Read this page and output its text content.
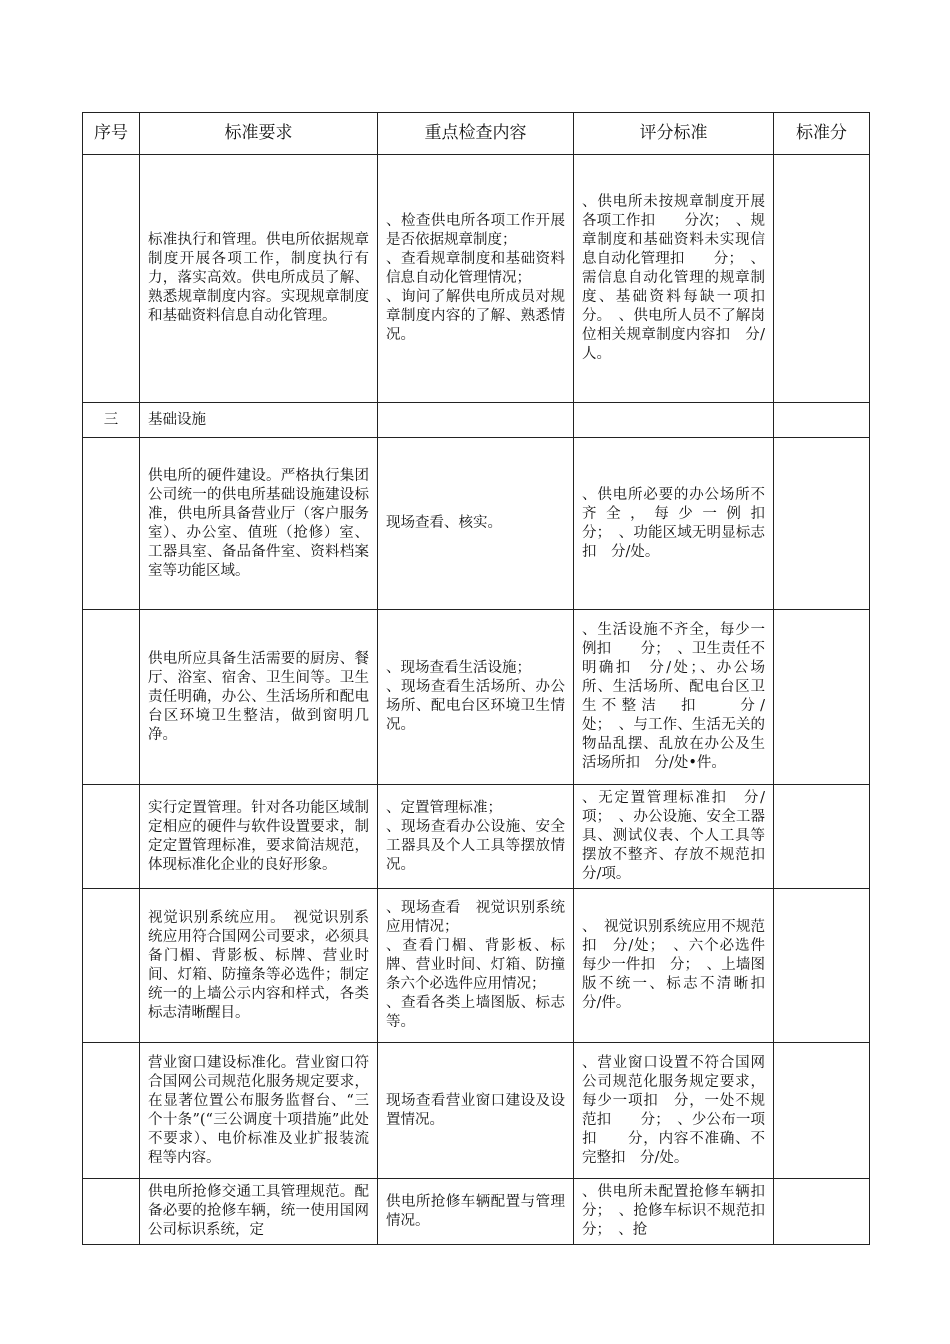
序号	标准要求	重点检查内容	评分标准	标准分
	标准执行和管理。供电所依据规章制度开展各项工作，制度执行有力，落实高效。供电所成员了解、熟悉规章制度内容。实现规章制度和基础资料信息自动化管理。	、检查供电所各项工作开展是否依据规章制度；
、查看规章制度和基础资料信息自动化管理情况；
、询问了解供电所成员对规章制度内容的了解、熟悉情况。	、供电所未按规章制度开展各项工作扣　　分次；　、规章制度和基础资料未实现信息自动化管理扣　　分；　、需信息自动化管理的规章制度、基础资料每缺一项扣　　分。　、供电所人员不了解岗位相关规章制度内容扣　分/人。	
三	基础设施			
	供电所的硬件建设。严格执行集团公司统一的供电所基础设施建设标准，供电所具备营业厅（客户服务室）、办公室、值班（抢修）室、工器具室、备品备件室、资料档案室等功能区域。	现场查看、核实。	、供电所必要的办公场所不齐全，每少一例扣　　分；　、功能区域无明显标志扣　分/处。	
	供电所应具备生活需要的厨房、餐厅、浴室、宿舍、卫生间等。卫生责任明确，办公、生活场所和配电台区环境卫生整洁，做到窗明几净。	、现场查看生活设施；
、现场查看生活场所、办公场所、配电台区环境卫生情况。	、生活设施不齐全，每少一例扣　　分；　、卫生责任不明确扣　分/处；、办公场所、生活场所、配电台区卫生不整洁　扣　　分/处；　、与工作、生活无关的物品乱摆、乱放在办公及生活场所扣　分/处•件。	
	实行定置管理。针对各功能区域制定相应的硬件与软件设置要求，制定定置管理标准，要求简洁规范，体现标准化企业的良好形象。	、定置管理标准；
、现场查看办公设施、安全工器具及个人工具等摆放情况。	、无定置管理标准扣　分/项；　、办公设施、安全工器具、测试仪表、个人工具等摆放不整齐、存放不规范扣　分/项。	
	视觉识别系统应用。　视觉识别系统应用符合国网公司要求，必须具备门楣、背影板、标牌、营业时间、灯箱、防撞条等必选件；制定统一的上墙公示内容和样式，各类标志清晰醒目。	、现场查看　视觉识别系统应用情况；
、查看门楣、背影板、标牌、营业时间、灯箱、防撞条六个必选件应用情况；
、查看各类上墙图版、标志等。	、　视觉识别系统应用不规范扣　分/处；　、六个必选件每少一件扣　分；　、上墙图版不统一、标志不清晰扣　分/件。	
	营业窗口建设标准化。营业窗口符合国网公司规范化服务规定要求，在显著位置公布服务监督台、“三个十条”(“三公调度十项措施”此处不要求）、电价标准及业扩报装流程等内容。	现场查看营业窗口建设及设置情况。	、营业窗口设置不符合国网公司规范化服务规定要求，每少一项扣　分，一处不规范扣　　分；　、少公布一项扣　　分，内容不准确、不完整扣　分/处。	
	供电所抢修交通工具管理规范。配备必要的抢修车辆，统一使用国网公司标识系统，定	供电所抢修车辆配置与管理情况。	、供电所未配置抢修车辆扣　　分；　、抢修车标识不规范扣　　分；　、抢	
